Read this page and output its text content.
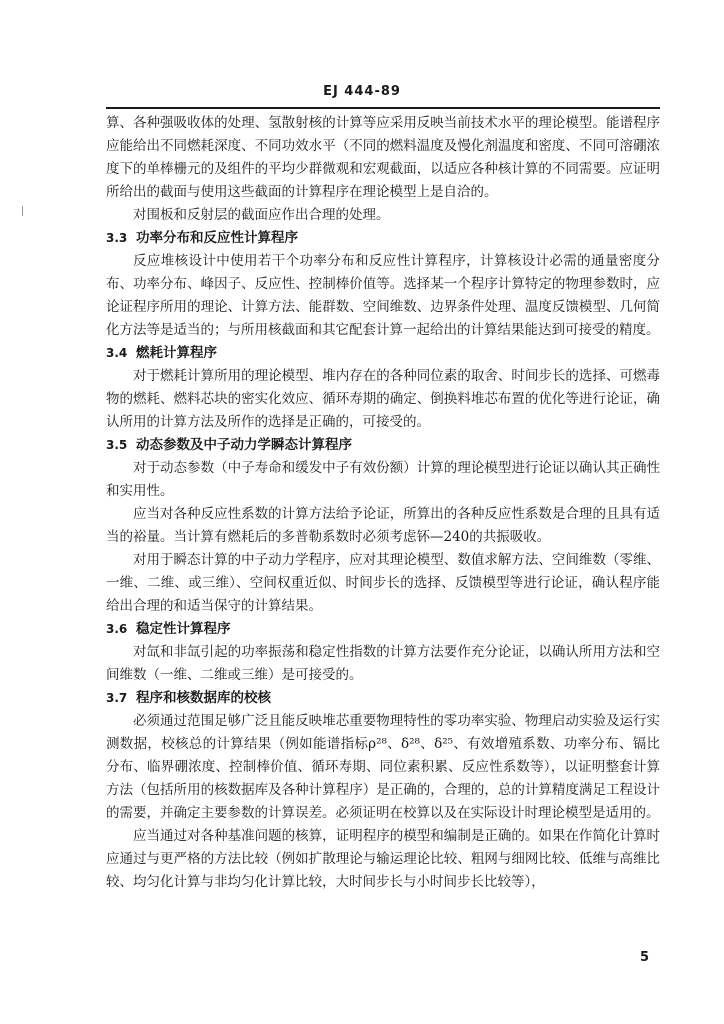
EJ 444-89

算、各种强吸收体的处理、氢散射核的计算等应采用反映当前技术水平的理论模型。能谱程序应能给出不同燃耗深度、不同功效水平（不同的燃料温度及慢化剂温度和密度、不同可溶硼浓度下的单棒栅元的及组件的平均少群微观和宏观截面，以适应各种核计算的不同需要。应证明所给出的截面与使用这些截面的计算程序在理论模型上是自洽的。

对围板和反射层的截面应作出合理的处理。

3.3 功率分布和反应性计算程序

反应堆核设计中使用若干个功率分布和反应性计算程序，计算核设计必需的通量密度分布、功率分布、峰因子、反应性、控制棒价值等。选择某一个程序计算特定的物理参数时，应论证程序所用的理论、计算方法、能群数、空间维数、边界条件处理、温度反馈模型、几何简化方法等是适当的；与所用核截面和其它配套计算一起给出的计算结果能达到可接受的精度。

3.4 燃耗计算程序

对于燃耗计算所用的理论模型、堆内存在的各种同位素的取舍、时间步长的选择、可燃毒物的燃耗、燃料芯块的密实化效应、循环寿期的确定、倒换料堆芯布置的优化等进行论证，确认所用的计算方法及所作的选择是正确的，可接受的。

3.5 动态参数及中子动力学瞬态计算程序

对于动态参数（中子寿命和缓发中子有效份额）计算的理论模型进行论证以确认其正确性和实用性。

应当对各种反应性系数的计算方法给予论证，所算出的各种反应性系数是合理的且具有适当的裕量。当计算有燃耗后的多普勒系数时必须考虑钚—240的共振吸收。

对用于瞬态计算的中子动力学程序，应对其理论模型、数值求解方法、空间维数（零维、一维、二维、或三维）、空间权重近似、时间步长的选择、反馈模型等进行论证，确认程序能给出合理的和适当保守的计算结果。

3.6 稳定性计算程序

对氙和非氙引起的功率振荡和稳定性指数的计算方法要作充分论证，以确认所用方法和空间维数（一维、二维或三维）是可接受的。

3.7 程序和核数据库的校核

必须通过范围足够广泛且能反映堆芯重要物理特性的零功率实验、物理启动实验及运行实测数据，校核总的计算结果（例如能谱指标ρ²⁸、δ²⁸、δ²⁵、有效增殖系数、功率分布、镉比分布、临界硼浓度、控制棒价值、循环寿期、同位素积累、反应性系数等），以证明整套计算方法（包括所用的核数据库及各种计算程序）是正确的，合理的，总的计算精度满足工程设计的需要，并确定主要参数的计算误差。必须证明在校算以及在实际设计时理论模型是适用的。

应当通过对各种基准问题的核算，证明程序的模型和编制是正确的。如果在作简化计算时应通过与更严格的方法比较（例如扩散理论与输运理论比较、粗网与细网比较、低维与高维比较、均匀化计算与非均匀化计算比较，大时间步长与小时间步长比较等），

5
